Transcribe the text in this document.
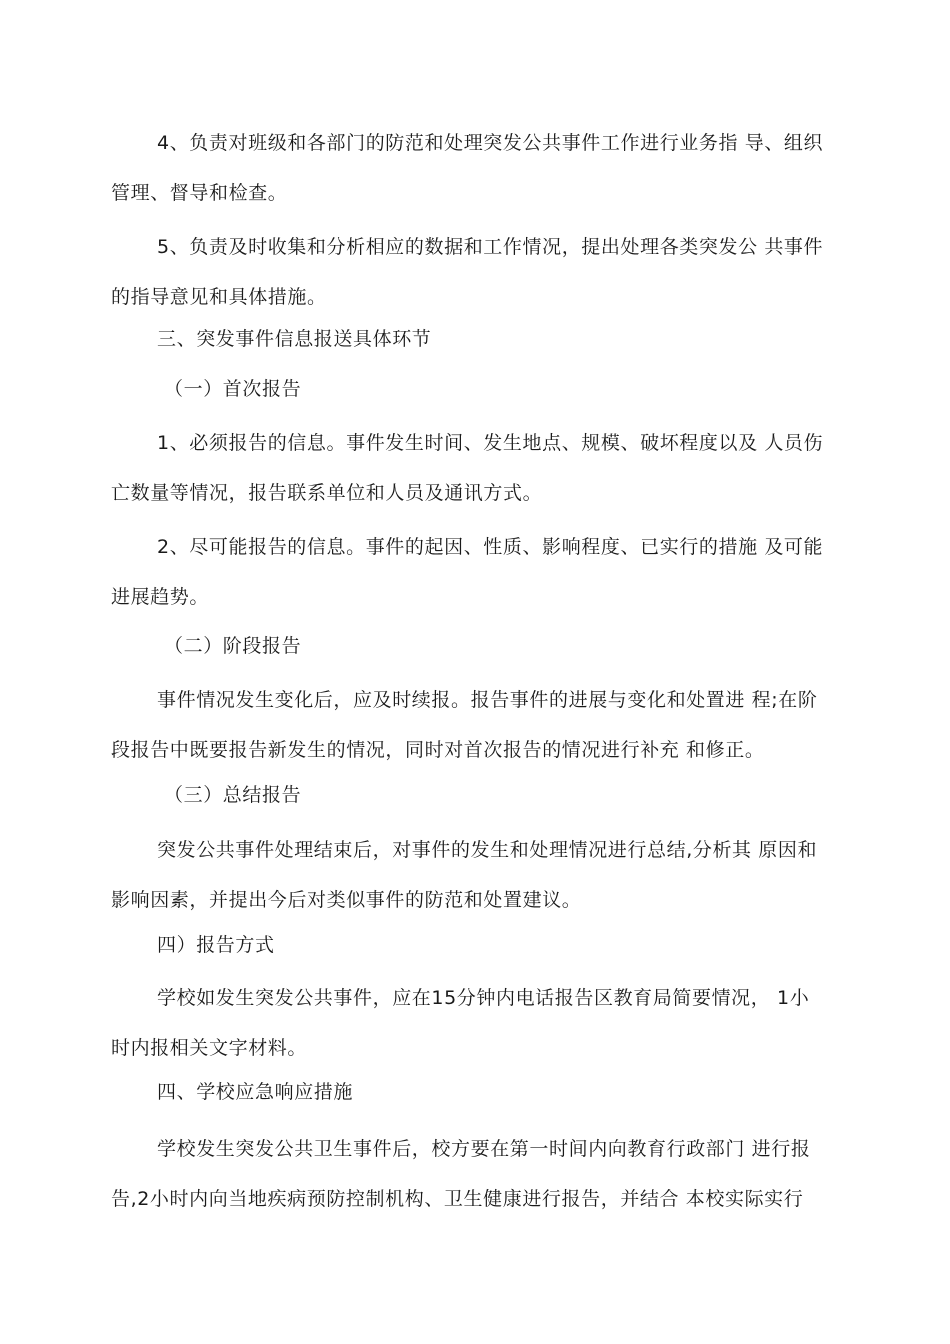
4、负责对班级和各部门的防范和处理突发公共事件工作进行业务指 导、组织
管理、督导和检查。

5、负责及时收集和分析相应的数据和工作情况，提出处理各类突发公 共事件
的指导意见和具体措施。

三、突发事件信息报送具体环节

（一）首次报告

1、必须报告的信息。事件发生时间、发生地点、规模、破坏程度以及 人员伤
亡数量等情况，报告联系单位和人员及通讯方式。

2、尽可能报告的信息。事件的起因、性质、影响程度、已实行的措施 及可能
进展趋势。

（二）阶段报告

事件情况发生变化后，应及时续报。报告事件的进展与变化和处置进 程;在阶
段报告中既要报告新发生的情况，同时对首次报告的情况进行补充 和修正。

（三）总结报告

突发公共事件处理结束后，对事件的发生和处理情况进行总结,分析其 原因和
影响因素，并提出今后对类似事件的防范和处置建议。

四）报告方式

学校如发生突发公共事件，应在15分钟内电话报告区教育局简要情况， 1小
时内报相关文字材料。

四、学校应急响应措施

学校发生突发公共卫生事件后，校方要在第一时间内向教育行政部门 进行报
告,2小时内向当地疾病预防控制机构、卫生健康进行报告，并结合 本校实际实行
